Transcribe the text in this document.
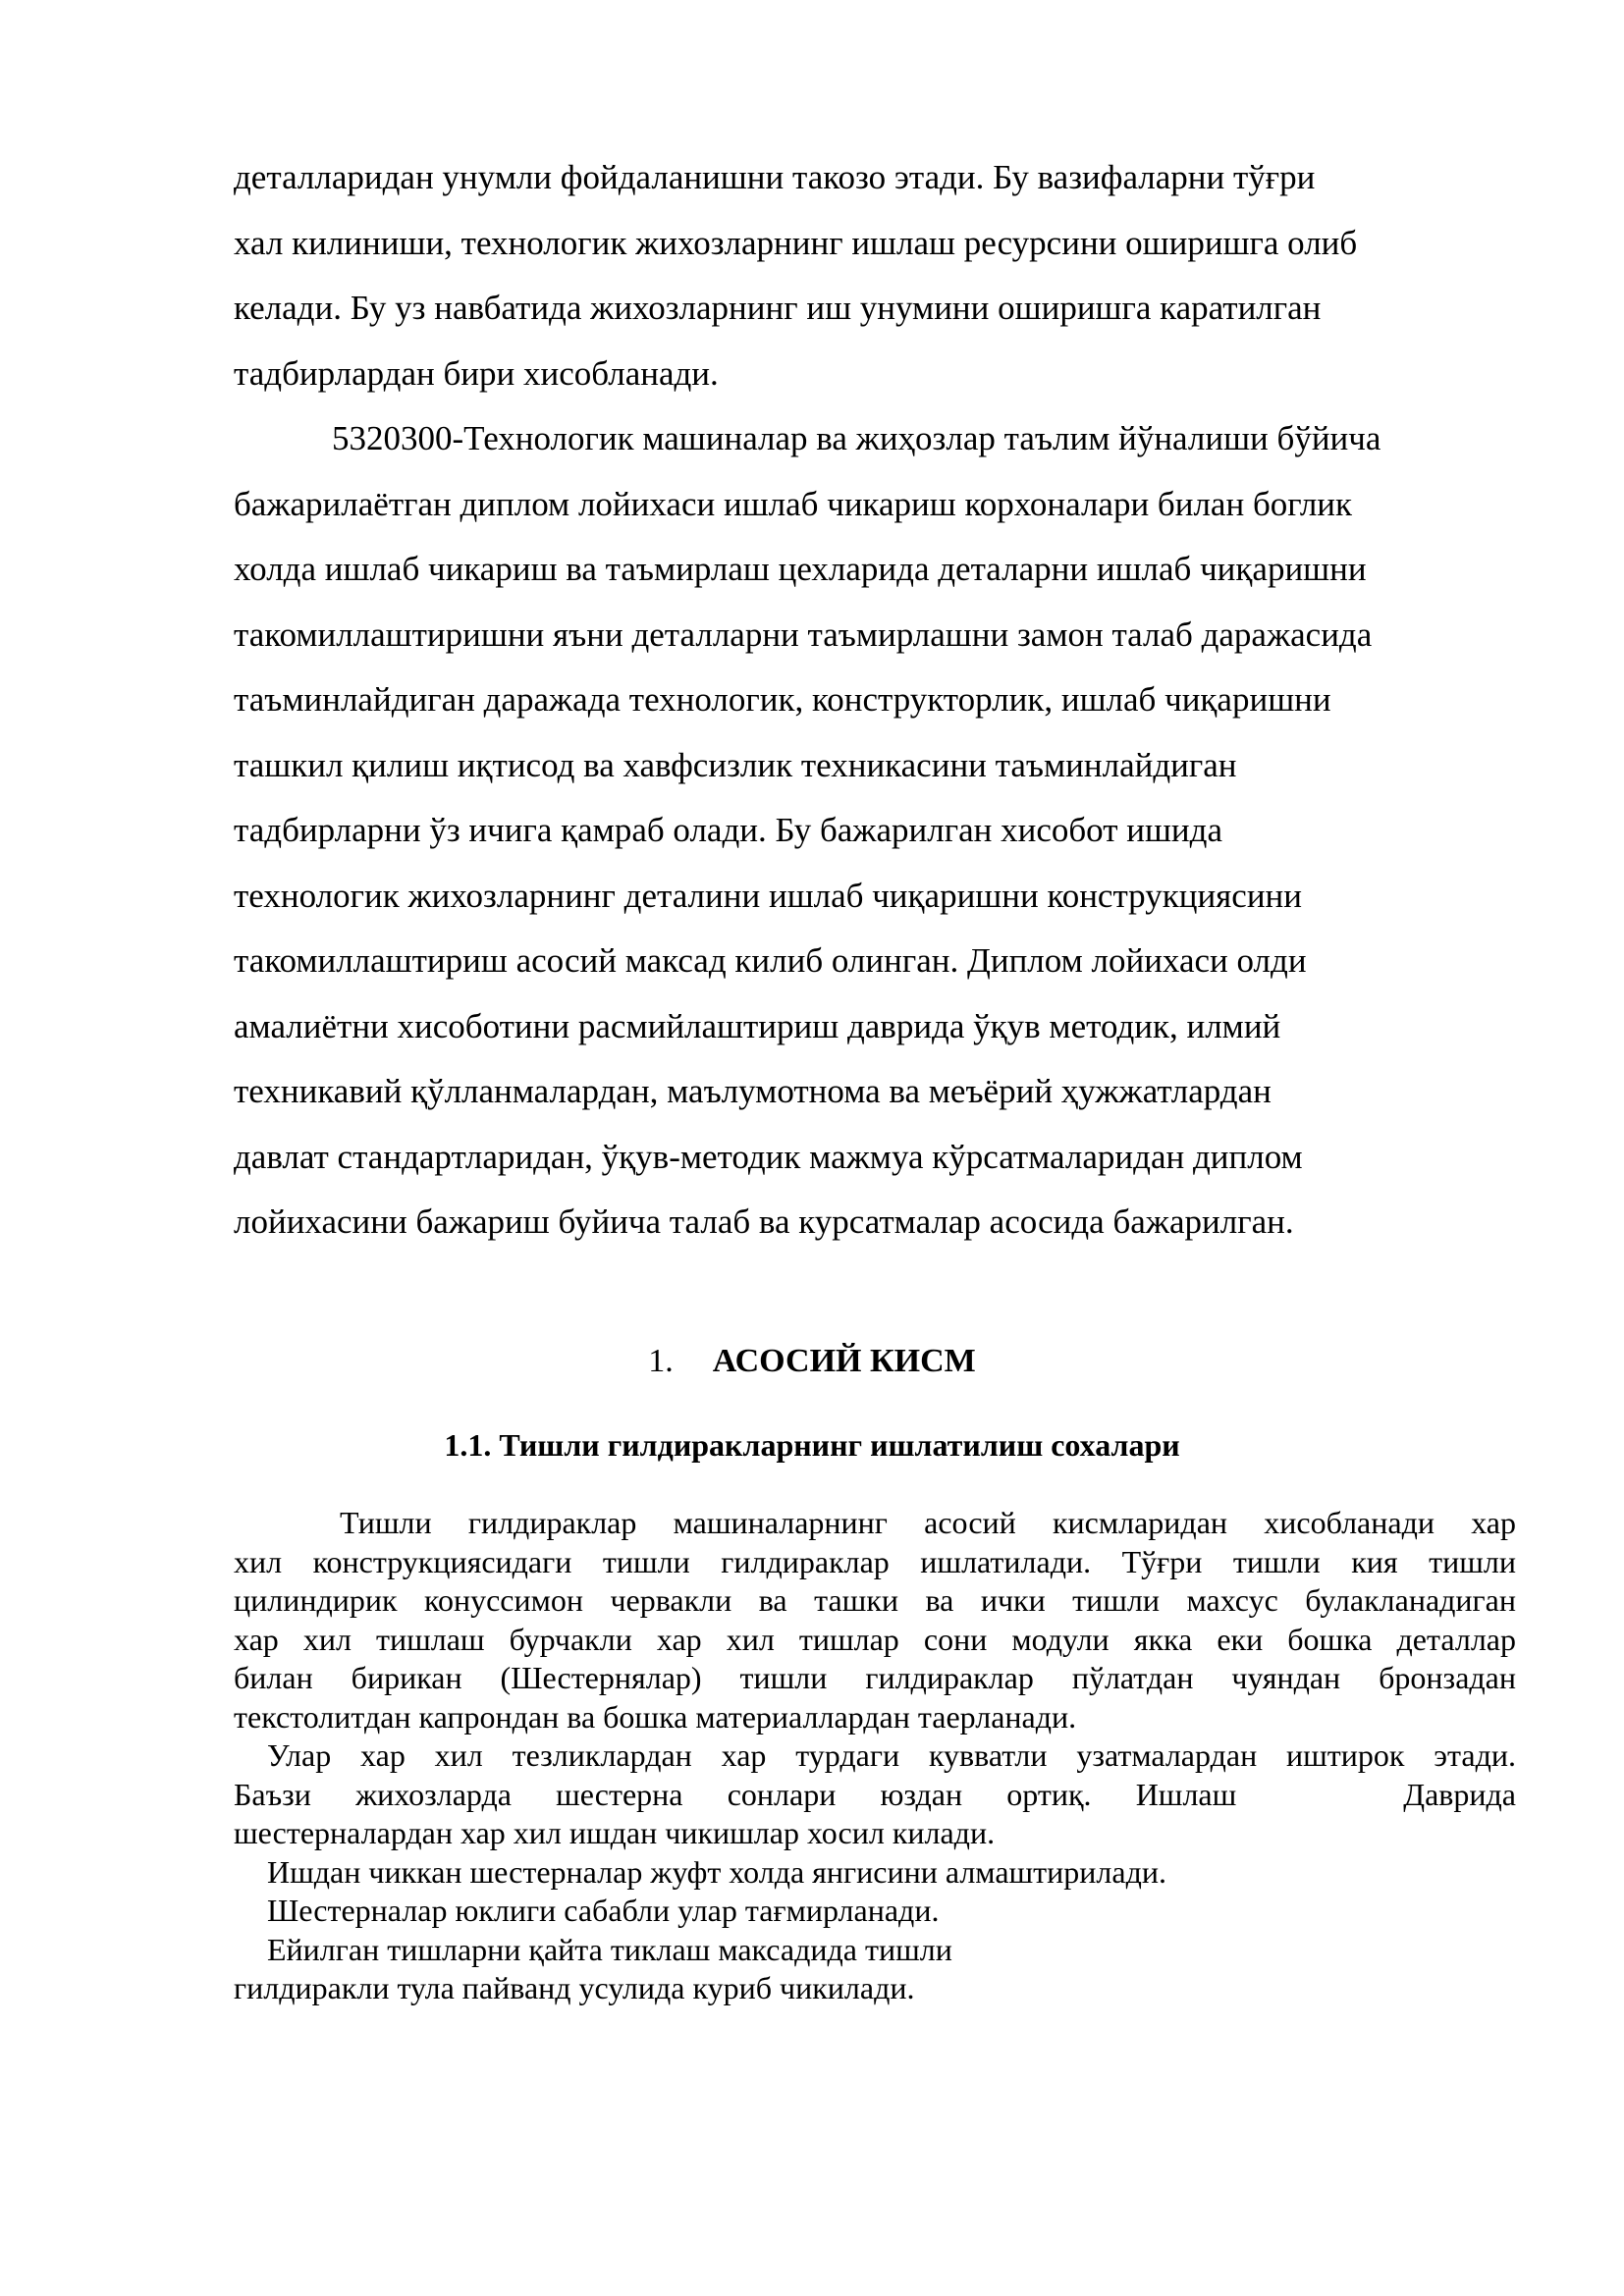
деталларидан унумли фойдаланишни такозо этади. Бу вазифаларни тўғри
хал килиниши, технологик жихозларнинг ишлаш ресурсини оширишга олиб
келади. Бу уз навбатида жихозларнинг иш унумини оширишга каратилган
тадбирлардан бири хисобланади.
5320300-Технологик машиналар ва жиҳозлар таълим йўналиши бўйича
бажарилаётган диплом лойихаси ишлаб чикариш корхоналари билан боглик
холда ишлаб чикариш ва таъмирлаш цехларида деталарни ишлаб чиқаришни
такомиллаштиришни яъни деталларни таъмирлашни замон талаб даражасида
таъминлайдиган даражада технологик, конструкторлик, ишлаб чиқаришни
ташкил қилиш иқтисод ва хавфсизлик техникасини таъминлайдиган
тадбирларни ўз ичига қамраб олади. Бу бажарилган хисобот ишида
технологик жихозларнинг деталини ишлаб чиқаришни конструкциясини
такомиллаштириш асосий максад килиб олинган. Диплом лойихаси олди
амалиётни хисоботини расмийлаштириш даврида ўқув методик, илмий
техникавий қўлланмалардан, маълумотнома ва меъёрий ҳужжатлардан
давлат стандартларидан, ўқув-методик мажмуа кўрсатмаларидан диплом
лойихасини бажариш буйича талаб ва курсатмалар асосида бажарилган.
1. АСОСИЙ КИСМ
1.1. Тишли гилдиракларнинг ишлатилиш сохалари
Тишли гилдираклар машиналарнинг асосий кисмларидан хисобланади хар
хил конструкциясидаги тишли гилдираклар ишлатилади. Тўғри тишли кия тишли
цилиндирик конуссимон червакли ва ташки ва ички тишли махсус булакланадиган
хар хил тишлаш бурчакли хар хил тишлар сони модули якка еки бошка деталлар
билан бирикан (Шестернялар) тишли гилдираклар пўлатдан чуяндан бронзадан
текстолитдан капрондан ва бошка материаллардан таерланади.
Улар хар хил тезликлардан хар турдаги кувватли узатмалардан иштирок этади.
Баъзи жихозларда шестерна сонлари юздан ортиқ. Ишлаш	Даврида
шестерналардан хар хил ишдан чикишлар хосил килади.
Ишдан чиккан шестерналар жуфт холда янгисини алмаштирилади.
Шестерналар юклиги сабабли улар тағмирланади.
Ейилган тишларни қайта тиклаш максадида тишли
гилдиракли тула пайванд усулида куриб чикилади.
